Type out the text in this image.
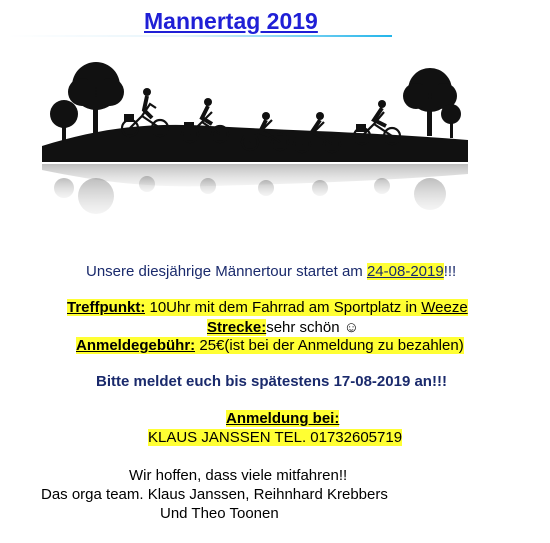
Mannertag 2019
Unsere diesjährige Männertour startet am 24-08-2019!!!
Treffpunkt: 10Uhr mit dem Fahrrad am Sportplatz in Weeze
Strecke:sehr schön ☺
Anmeldegebühr: 25€(ist bei der Anmeldung zu bezahlen)
Bitte meldet euch bis spätestens 17-08-2019 an!!!
Anmeldung bei:
KLAUS JANSSEN TEL. 01732605719
Wir hoffen, dass viele mitfahren!!
Das orga team. Klaus Janssen, Reihnhard Krebbers
Und Theo Toonen
